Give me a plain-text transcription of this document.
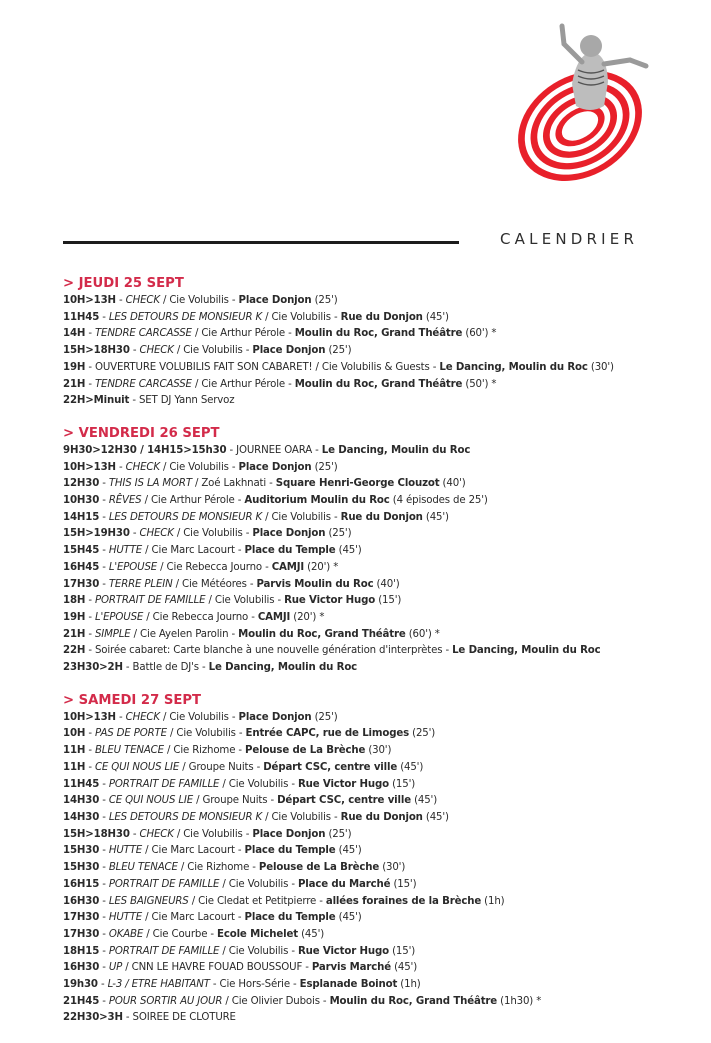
CALENDRIER
> JEUDI 25 SEPT
10H>13H - CHECK / Cie Volubilis - Place Donjon (25')
11H45 - LES DETOURS DE MONSIEUR K / Cie Volubilis - Rue du Donjon (45')
14H - TENDRE CARCASSE / Cie Arthur Pérole - Moulin du Roc, Grand Théâtre (60') *
15H>18H30 - CHECK / Cie Volubilis - Place Donjon (25')
19H - OUVERTURE VOLUBILIS FAIT SON CABARET! / Cie Volubilis & Guests - Le Dancing, Moulin du Roc (30')
21H - TENDRE CARCASSE / Cie Arthur Pérole - Moulin du Roc, Grand Théâtre (50') *
22H>Minuit - SET DJ Yann Servoz
> VENDREDI 26 SEPT
9H30>12H30 / 14H15>15h30 - JOURNEE OARA - Le Dancing, Moulin du Roc
10H>13H - CHECK / Cie Volubilis - Place Donjon (25')
12H30 - THIS IS LA MORT / Zoé Lakhnati - Square Henri-George Clouzot (40')
10H30 - RÊVES / Cie Arthur Pérole - Auditorium Moulin du Roc (4 épisodes de 25')
14H15 - LES DETOURS DE MONSIEUR K / Cie Volubilis - Rue du Donjon (45')
15H>19H30 - CHECK / Cie Volubilis - Place Donjon (25')
15H45 - HUTTE / Cie Marc Lacourt - Place du Temple (45')
16H45 - L'EPOUSE / Cie Rebecca Journo - CAMJI (20') *
17H30 - TERRE PLEIN / Cie Météores - Parvis Moulin du Roc (40')
18H - PORTRAIT DE FAMILLE / Cie Volubilis - Rue Victor Hugo (15')
19H - L'EPOUSE / Cie Rebecca Journo - CAMJI (20') *
21H - SIMPLE / Cie Ayelen Parolin - Moulin du Roc, Grand Théâtre (60') *
22H - Soirée cabaret: Carte blanche à une nouvelle génération d'interprètes - Le Dancing, Moulin du Roc
23H30>2H - Battle de DJ's - Le Dancing, Moulin du Roc
> SAMEDI 27 SEPT
10H>13H - CHECK / Cie Volubilis - Place Donjon (25')
10H - PAS DE PORTE / Cie Volubilis - Entrée CAPC, rue de Limoges (25')
11H - BLEU TENACE / Cie Rizhome - Pelouse de La Brèche (30')
11H - CE QUI NOUS LIE / Groupe Nuits - Départ CSC, centre ville (45')
11H45 - PORTRAIT DE FAMILLE / Cie Volubilis - Rue Victor Hugo (15')
14H30 - CE QUI NOUS LIE / Groupe Nuits - Départ CSC, centre ville (45')
14H30 - LES DETOURS DE MONSIEUR K / Cie Volubilis - Rue du Donjon (45')
15H>18H30 - CHECK / Cie Volubilis - Place Donjon (25')
15H30 - HUTTE / Cie Marc Lacourt - Place du Temple (45')
15H30 - BLEU TENACE / Cie Rizhome - Pelouse de La Brèche (30')
16H15 - PORTRAIT DE FAMILLE / Cie Volubilis - Place du Marché (15')
16H30 - LES BAIGNEURS / Cie Cledat et Petitpierre - allées foraines de la Brèche (1h)
17H30 - HUTTE / Cie Marc Lacourt - Place du Temple (45')
17H30 - OKABE / Cie Courbe - Ecole Michelet (45')
18H15 - PORTRAIT DE FAMILLE / Cie Volubilis - Rue Victor Hugo (15')
16H30 - UP / CNN LE HAVRE FOUAD BOUSSOUF - Parvis Marché (45')
19h30 - L-3 / ETRE HABITANT - Cie Hors-Série - Esplanade Boinot (1h)
21H45 - POUR SORTIR AU JOUR / Cie Olivier Dubois - Moulin du Roc, Grand Théâtre (1h30) *
22H30>3H - SOIREE DE CLOTURE
